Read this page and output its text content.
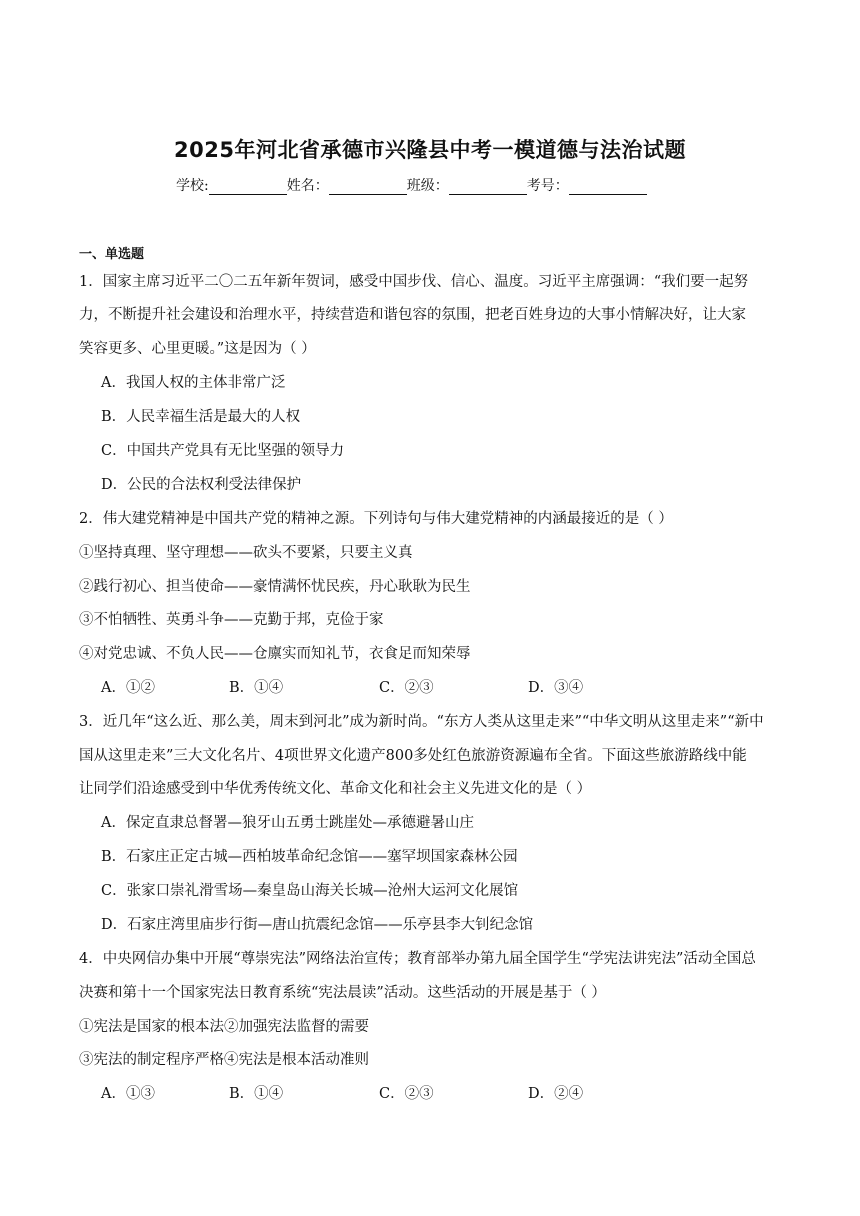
2025年河北省承德市兴隆县中考一模道德与法治试题
学校:	姓名：	班级：	考号：
一、单选题
1．国家主席习近平二〇二五年新年贺词，感受中国步伐、信心、温度。习近平主席强调：“我们要一起努
力，不断提升社会建设和治理水平，持续营造和谐包容的氛围，把老百姓身边的大事小情解决好，让大家
笑容更多、心里更暖。”这是因为（ ）
A．我国人权的主体非常广泛
B．人民幸福生活是最大的人权
C．中国共产党具有无比坚强的领导力
D．公民的合法权利受法律保护
2．伟大建党精神是中国共产党的精神之源。下列诗句与伟大建党精神的内涵最接近的是（ ）
①坚持真理、坚守理想——砍头不要紧，只要主义真
②践行初心、担当使命——豪情满怀忧民疾，丹心耿耿为民生
③不怕牺牲、英勇斗争——克勤于邦，克俭于家
④对党忠诚、不负人民——仓廪实而知礼节，衣食足而知荣辱
A．①②	B．①④	C．②③	D．③④
3．近几年“这么近、那么美，周末到河北”成为新时尚。“东方人类从这里走来”“中华文明从这里走来”“新中
国从这里走来”三大文化名片、4项世界文化遗产800多处红色旅游资源遍布全省。下面这些旅游路线中能
让同学们沿途感受到中华优秀传统文化、革命文化和社会主义先进文化的是（ ）
A．保定直隶总督署—狼牙山五勇士跳崖处—承德避暑山庄
B．石家庄正定古城—西柏坡革命纪念馆——塞罕坝国家森林公园
C．张家口崇礼滑雪场—秦皇岛山海关长城—沧州大运河文化展馆
D．石家庄湾里庙步行街—唐山抗震纪念馆——乐亭县李大钊纪念馆
4．中央网信办集中开展“尊崇宪法”网络法治宣传；教育部举办第九届全国学生“学宪法讲宪法”活动全国总
决赛和第十一个国家宪法日教育系统“宪法晨读”活动。这些活动的开展是基于（ ）
①宪法是国家的根本法②加强宪法监督的需要
③宪法的制定程序严格④宪法是根本活动准则
A．①③	B．①④	C．②③	D．②④
